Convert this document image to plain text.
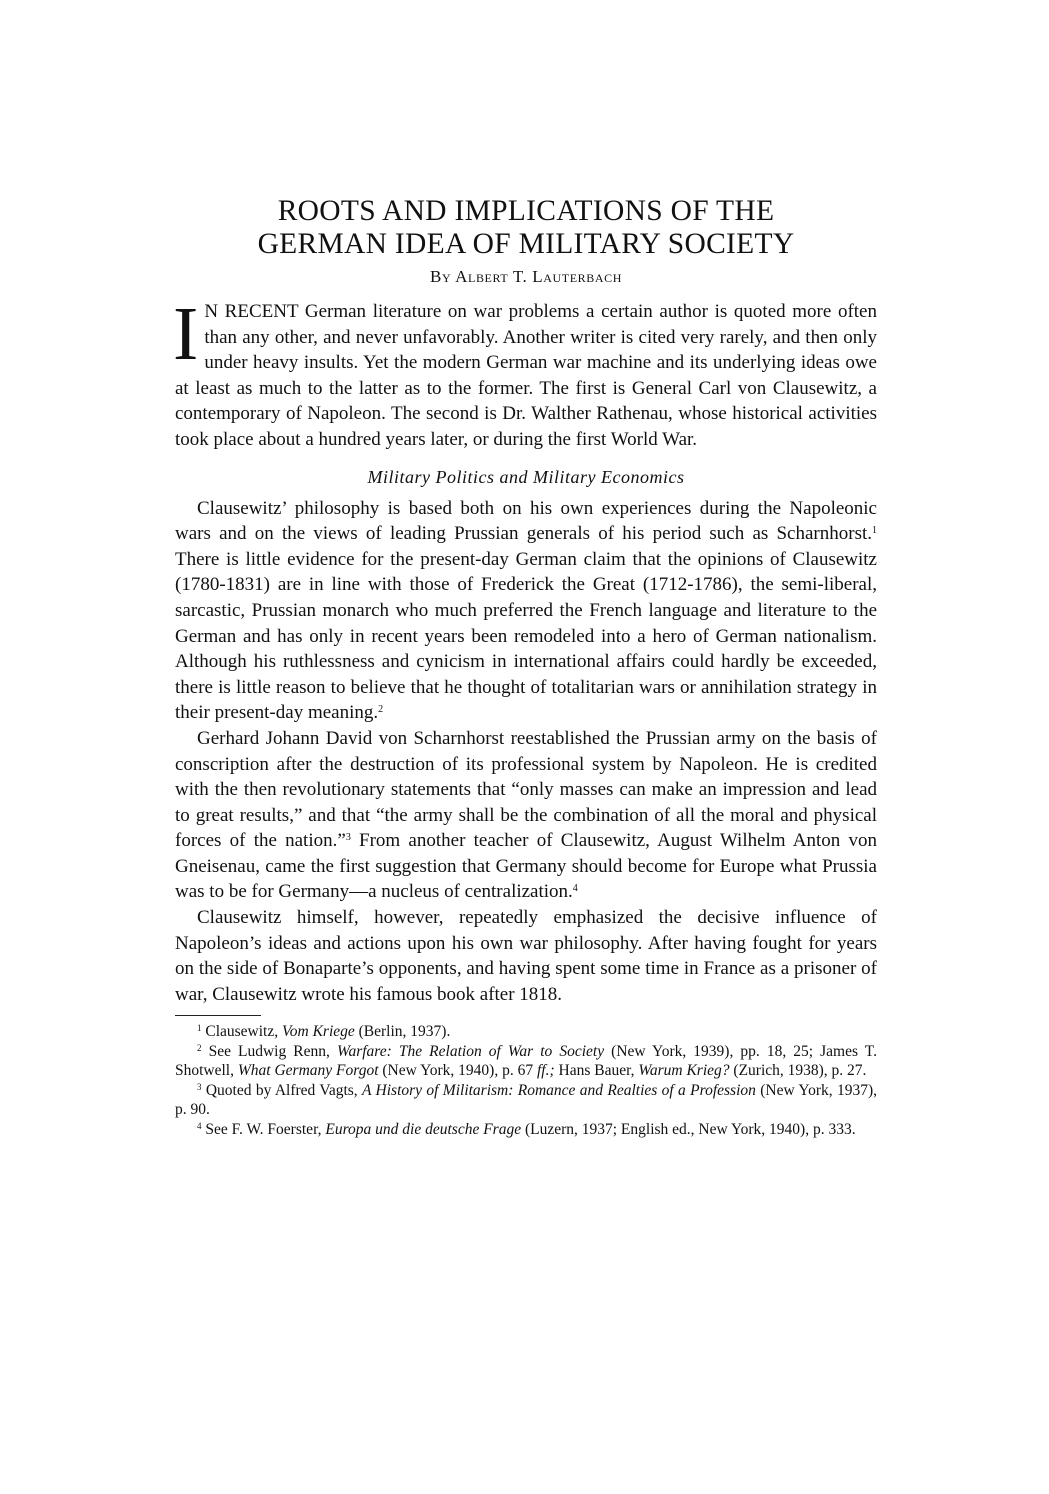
ROOTS AND IMPLICATIONS OF THE
GERMAN IDEA OF MILITARY SOCIETY
By Albert T. Lauterbach

I N RECENT German literature on war problems a certain author is quoted more often than any other, and never unfavorably. Another writer is cited very rarely, and then only under heavy insults. Yet the modern German war machine and its underlying ideas owe at least as much to the latter as to the former. The first is General Carl von Clausewitz, a contemporary of Napoleon. The second is Dr. Walther Rathenau, whose historical activities took place about a hundred years later, or during the first World War.

Military Politics and Military Economics

Clausewitz’ philosophy is based both on his own experiences during the Napoleonic wars and on the views of leading Prussian generals of his period such as Scharnhorst.$^1$ There is little evidence for the present-day German claim that the opinions of Clausewitz (1780-1831) are in line with those of Frederick the Great (1712-1786), the semi-liberal, sarcastic, Prussian monarch who much preferred the French language and literature to the German and has only in recent years been remodeled into a hero of German nationalism. Although his ruthlessness and cynicism in international affairs could hardly be exceeded, there is little reason to believe that he thought of totalitarian wars or annihilation strategy in their present-day meaning.$^2$

Gerhard Johann David von Scharnhorst reestablished the Prussian army on the basis of conscription after the destruction of its professional system by Napoleon. He is credited with the then revolutionary statements that “only masses can make an impression and lead to great results,” and that “the army shall be the combination of all the moral and physical forces of the nation.”$^3$ From another teacher of Clausewitz, August Wilhelm Anton von Gneisenau, came the first suggestion that Germany should become for Europe what Prussia was to be for Germany—a nucleus of centralization.$^4$

Clausewitz himself, however, repeatedly emphasized the decisive influence of Napoleon’s ideas and actions upon his own war philosophy. After having fought for years on the side of Bonaparte’s opponents, and having spent some time in France as a prisoner of war, Clausewitz wrote his famous book after 1818.

$^1$ Clausewitz, Vom Kriege (Berlin, 1937).

$^2$ See Ludwig Renn, Warfare: The Relation of War to Society (New York, 1939), pp. 18, 25; James T. Shotwell, What Germany Forgot (New York, 1940), p. 67 ff.; Hans Bauer, Warum Krieg? (Zurich, 1938), p. 27.

$^3$ Quoted by Alfred Vagts, A History of Militarism: Romance and Realties of a Profession (New York, 1937), p. 90.

$^4$ See F. W. Foerster, Europa und die deutsche Frage (Luzern, 1937; English ed., New York, 1940), p. 333.
